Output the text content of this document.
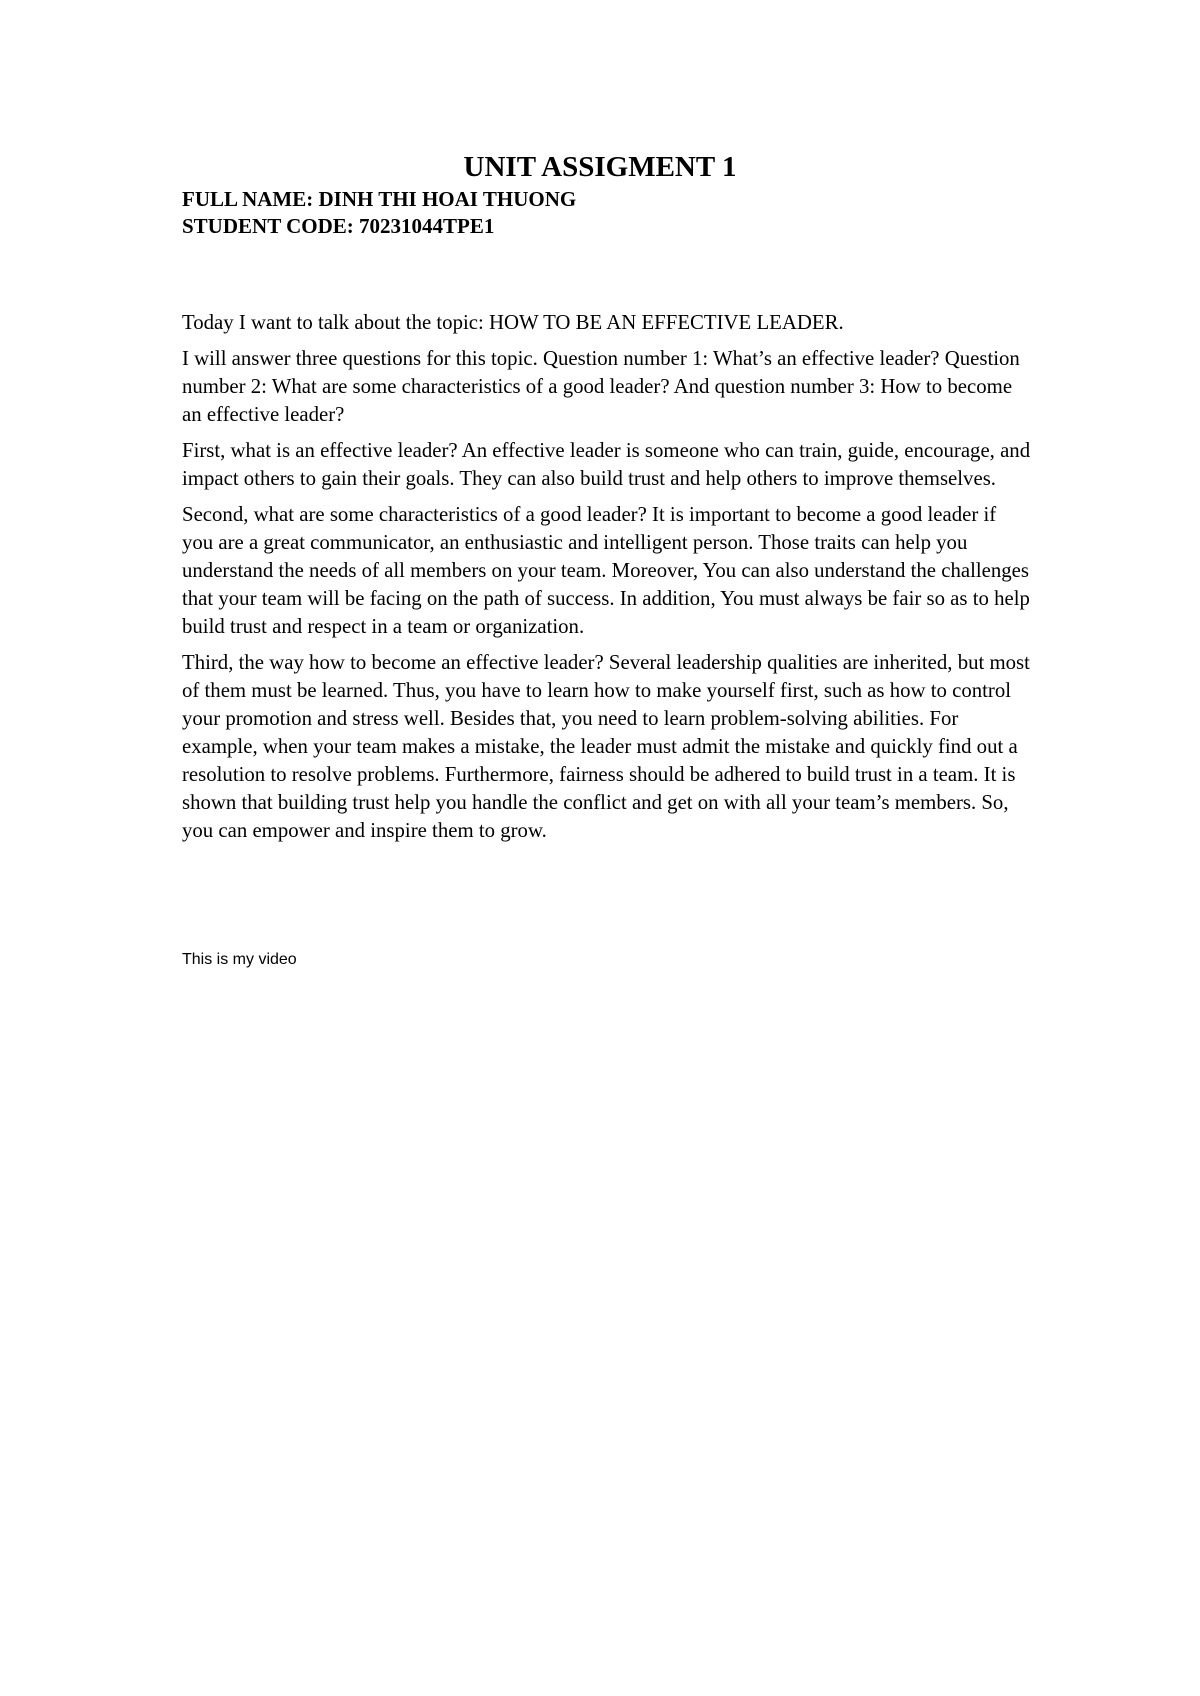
UNIT ASSIGMENT 1
FULL NAME: DINH THI HOAI THUONG
STUDENT CODE: 70231044TPE1

Today I want to talk about the topic: HOW TO BE AN EFFECTIVE LEADER.

I will answer three questions for this topic. Question number 1: What’s an effective leader? Question number 2: What are some characteristics of a good leader? And question number 3: How to become an effective leader?

First, what is an effective leader? An effective leader is someone who can train, guide, encourage, and impact others to gain their goals. They can also build trust and help others to improve themselves.

Second, what are some characteristics of a good leader? It is important to become a good leader if you are a great communicator, an enthusiastic and intelligent person. Those traits can help you understand the needs of all members on your team. Moreover, You can also understand the challenges that your team will be facing on the path of success. In addition, You must always be fair so as to help build trust and respect in a team or organization.

Third, the way how to become an effective leader? Several leadership qualities are inherited, but most of them must be learned. Thus, you have to learn how to make yourself first, such as how to control your promotion and stress well. Besides that, you need to learn problem-solving abilities. For example, when your team makes a mistake, the leader must admit the mistake and quickly find out a resolution to resolve problems. Furthermore, fairness should be adhered to build trust in a team. It is shown that building trust help you handle the conflict and get on with all your team’s members. So, you can empower and inspire them to grow.

This is my video
